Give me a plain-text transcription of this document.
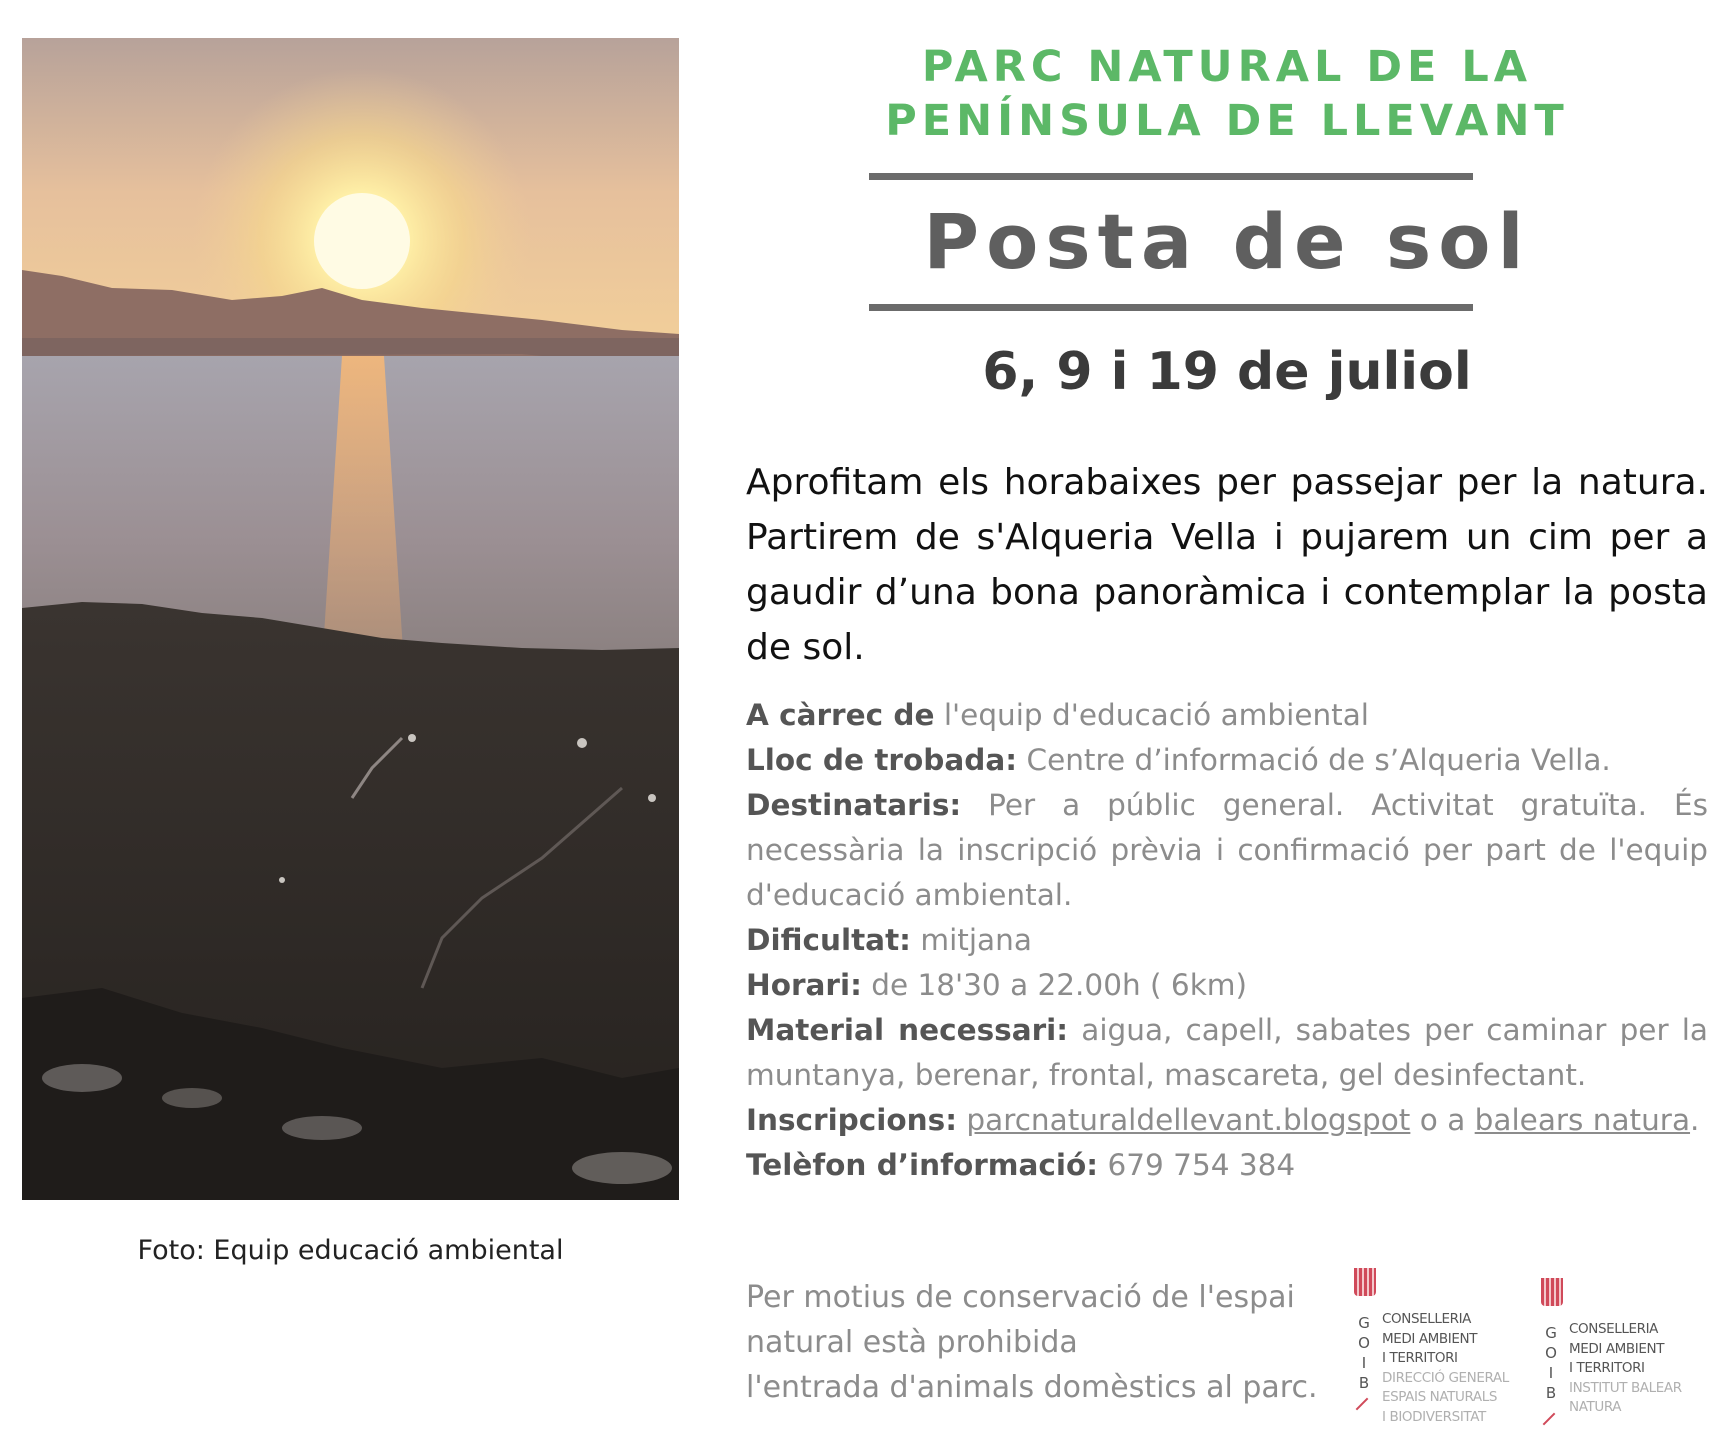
Foto: Equip educació ambiental
PARC NATURAL DE LA
PENÍNSULA DE LLEVANT
Posta de sol
6, 9 i 19 de juliol
Aprofitam els horabaixes per passejar per la natura. Partirem de s'Alqueria Vella i pujarem un cim per a gaudir d’una bona panoràmica i contemplar la posta de sol.

A càrrec de l'equip d'educació ambiental

Lloc de trobada: Centre d’informació de s’Alqueria Vella.

Destinataris: Per a públic general. Activitat gratuïta. És necessària la inscripció prèvia i confirmació per part de l'equip d'educació ambiental.

Dificultat: mitjana

Horari: de 18'30 a 22.00h ( 6km)

Material necessari: aigua, capell, sabates per caminar per la muntanya, berenar, frontal, mascareta, gel desinfectant.

Inscripcions: parcnaturaldellevant.blogspot o a balears natura.

Telèfon d’informació: 679 754 384

Per motius de conservació de l'espai
natural està prohibida
l'entrada d'animals domèstics al parc.
G
O
I
B
CONSELLERIA
MEDI AMBIENT
I TERRITORI
DIRECCIÓ GENERAL
ESPAIS NATURALS
I BIODIVERSITAT
G
O
I
B
CONSELLERIA
MEDI AMBIENT
I TERRITORI
INSTITUT BALEAR
NATURA
